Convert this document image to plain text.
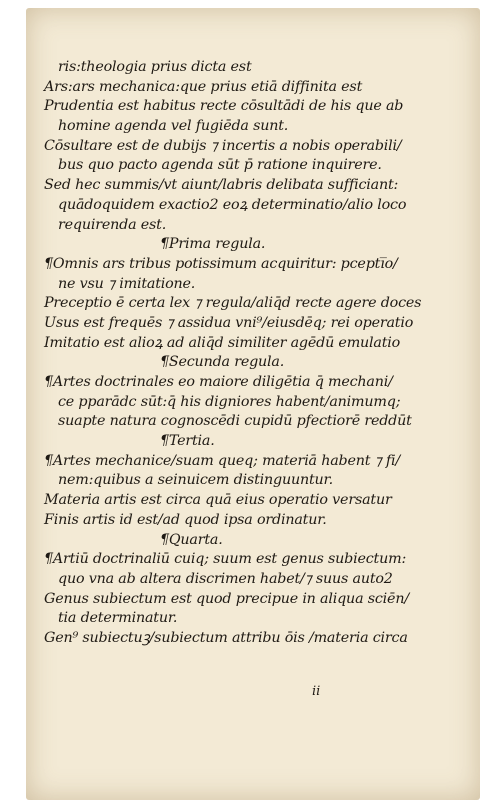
ris:theologia prius dicta est
Ars:ars mechanica:que prius etiā diffinita est
Prudentia est habitus recte cōsultādi de his que ab
homine agenda vel fugiēda sunt.
Cōsultare est de dubijs ⁊ incertis a nobis operabili/
bus quo pacto agenda sūt p̄ ratione inquirere.
Sed hec summis/vt aiunt/labris delibata sufficiant:
quādoquidem exactio2 eoꝝ determinatio/alio loco
requirenda est.
¶Prima regula.
¶Omnis ars tribus potissimum acquiritur: pcepti̅o/
ne vsu ⁊ imitatione.
Preceptio ē certa lex ⁊ regula/aliq̄d recte agere doces
Usus est frequēs ⁊ assidua vni⁹/eiusdēq; rei operatio
Imitatio est alioꝝ ad aliq̄d similiter agēdū emulatio
¶Secunda regula.
¶Artes doctrinales eo maiore diligētia q̄ mechani/
ce pparādc sūt:q̄ his digniores habent/animumq;
suapte natura cognoscēdi cupidū pfectiorē reddūt
¶Tertia.
¶Artes mechanice/suam queq; materiā habent ⁊ fi/
nem:quibus a seinuicem distinguuntur.
Materia artis est circa quā eius operatio versatur
Finis artis id est/ad quod ipsa ordinatur.
¶Quarta.
¶Artiū doctrinaliū cuiq; suum est genus subiectum:
quo vna ab altera discrimen habet/⁊ suus auto2
Genus subiectum est quod precipue in aliqua sciēn/
tia determinatur.
Gen⁹ subiectuꝫ/subiectum attribu ōis /materia circa
ii
